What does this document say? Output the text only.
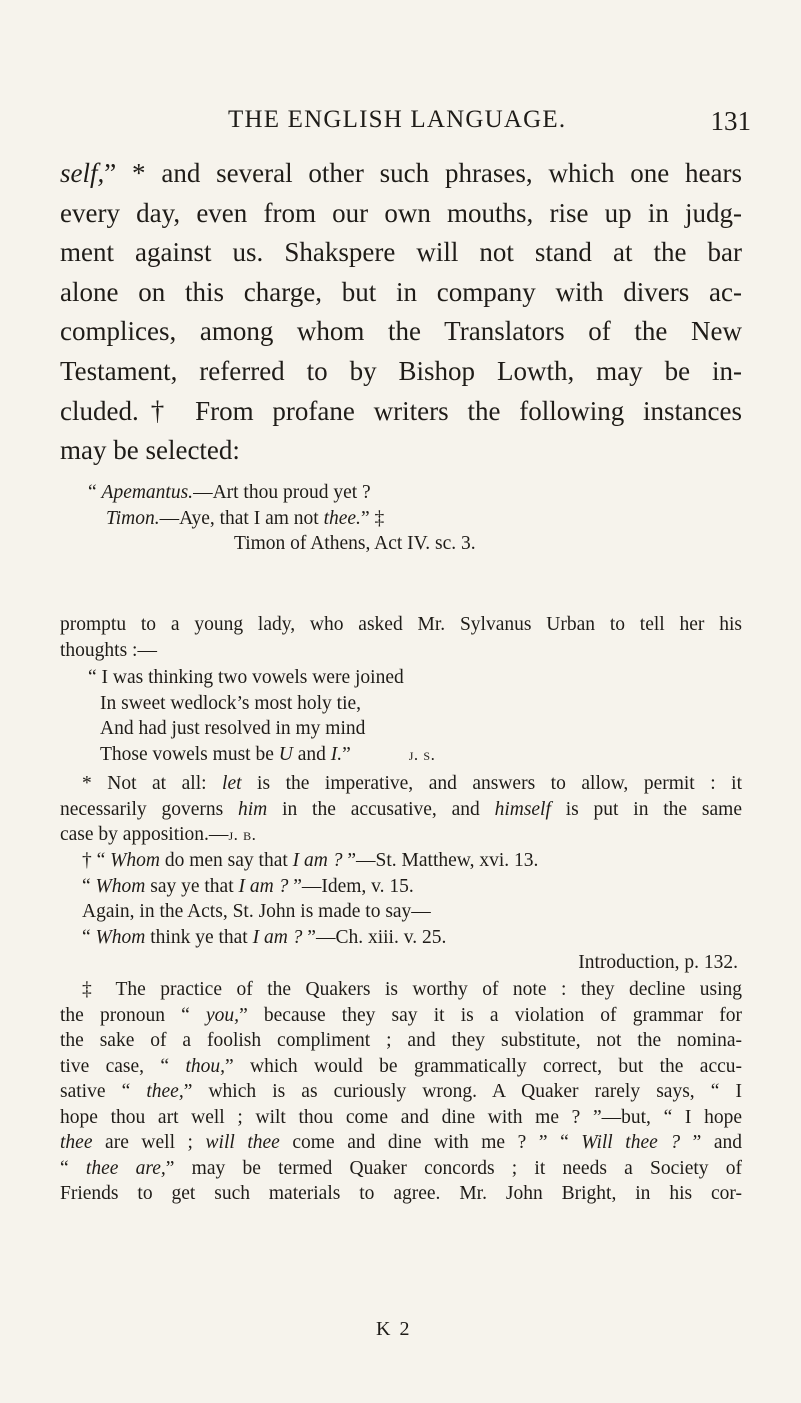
THE ENGLISH LANGUAGE.	131
self,” * and several other such phrases, which one hears
every day, even from our own mouths, rise up in judg-
ment against us. Shakspere will not stand at the bar
alone on this charge, but in company with divers ac-
complices, among whom the Translators of the New
Testament, referred to by Bishop Lowth, may be in-
cluded.† From profane writers the following instances
may be selected:
“ Apemantus.—Art thou proud yet ?
Timon.—Aye, that I am not thee.” ‡
Timon of Athens, Act IV. sc. 3.
promptu to a young lady, who asked Mr. Sylvanus Urban to tell her his
thoughts :—
“ I was thinking two vowels were joined
In sweet wedlock’s most holy tie,
And had just resolved in my mind
Those vowels must be U and I.”	j. s.
* Not at all: let is the imperative, and answers to allow, permit : it
necessarily governs him in the accusative, and himself is put in the same
case by apposition.—j. b.
† “ Whom do men say that I am ? ”—St. Matthew, xvi. 13.
“ Whom say ye that I am ? ”—Idem, v. 15.
Again, in the Acts, St. John is made to say—
“ Whom think ye that I am ? ”—Ch. xiii. v. 25.
Introduction, p. 132.
‡ The practice of the Quakers is worthy of note : they decline using
the pronoun “ you,” because they say it is a violation of grammar for
the sake of a foolish compliment ; and they substitute, not the nomina-
tive case, “ thou,” which would be grammatically correct, but the accu-
sative “ thee,” which is as curiously wrong. A Quaker rarely says, “ I
hope thou art well ; wilt thou come and dine with me ? ”—but, “ I hope
thee are well ; will thee come and dine with me ? ” “ Will thee ? ” and
“ thee are,” may be termed Quaker concords ; it needs a Society of
Friends to get such materials to agree. Mr. John Bright, in his cor-
K 2
